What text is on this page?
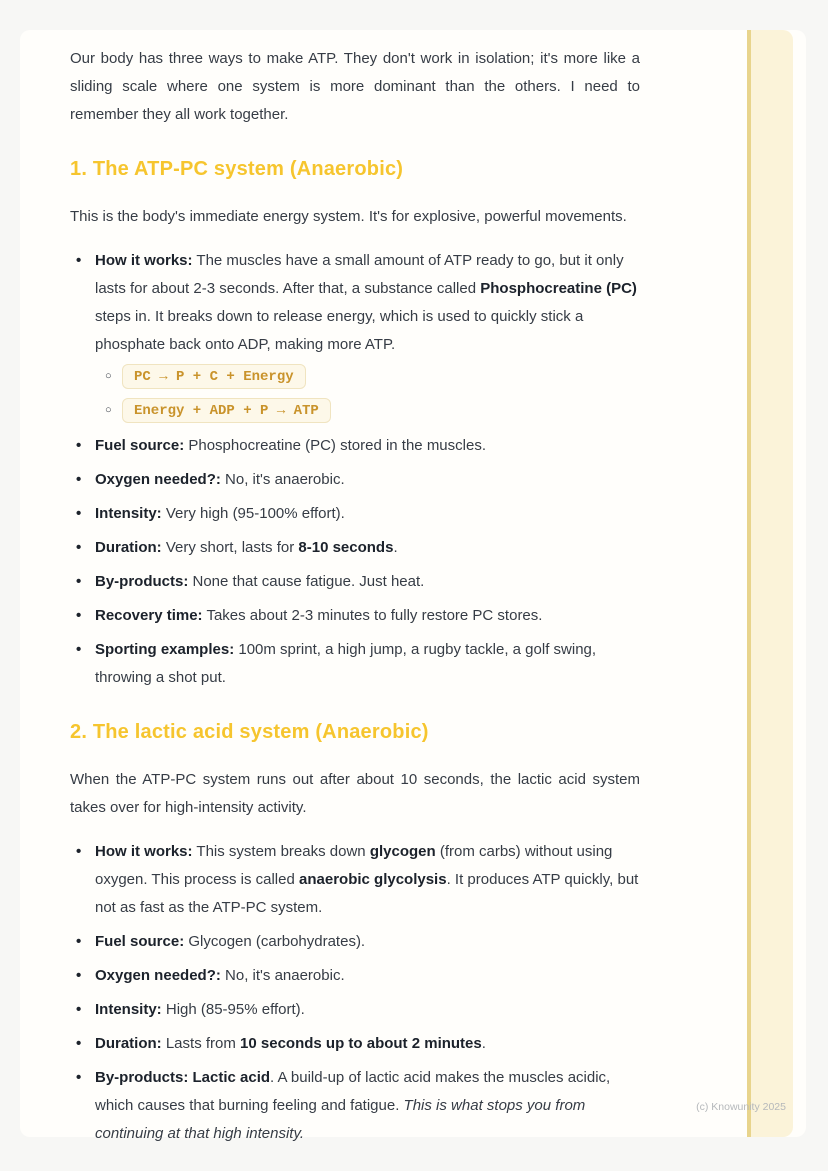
Our body has three ways to make ATP. They don't work in isolation; it's more like a sliding scale where one system is more dominant than the others. I need to remember they all work together.

1. The ATP-PC system (Anaerobic)

This is the body's immediate energy system. It's for explosive, powerful movements.

• How it works: The muscles have a small amount of ATP ready to go, but it only lasts for about 2-3 seconds. After that, a substance called Phosphocreatine (PC) steps in. It breaks down to release energy, which is used to quickly stick a phosphate back onto ADP, making more ATP.
○ PC → P + C + Energy
○ Energy + ADP + P → ATP
• Fuel source: Phosphocreatine (PC) stored in the muscles.
• Oxygen needed?: No, it's anaerobic.
• Intensity: Very high (95-100% effort).
• Duration: Very short, lasts for 8-10 seconds.
• By-products: None that cause fatigue. Just heat.
• Recovery time: Takes about 2-3 minutes to fully restore PC stores.
• Sporting examples: 100m sprint, a high jump, a rugby tackle, a golf swing, throwing a shot put.
2. The lactic acid system (Anaerobic)

When the ATP-PC system runs out after about 10 seconds, the lactic acid system takes over for high-intensity activity.

• How it works: This system breaks down glycogen (from carbs) without using oxygen. This process is called anaerobic glycolysis. It produces ATP quickly, but not as fast as the ATP-PC system.
• Fuel source: Glycogen (carbohydrates).
• Oxygen needed?: No, it's anaerobic.
• Intensity: High (85-95% effort).
• Duration: Lasts from 10 seconds up to about 2 minutes.
• By-products: Lactic acid. A build-up of lactic acid makes the muscles acidic, which causes that burning feeling and fatigue. This is what stops you from continuing at that high intensity.
(c) Knowunity 2025
